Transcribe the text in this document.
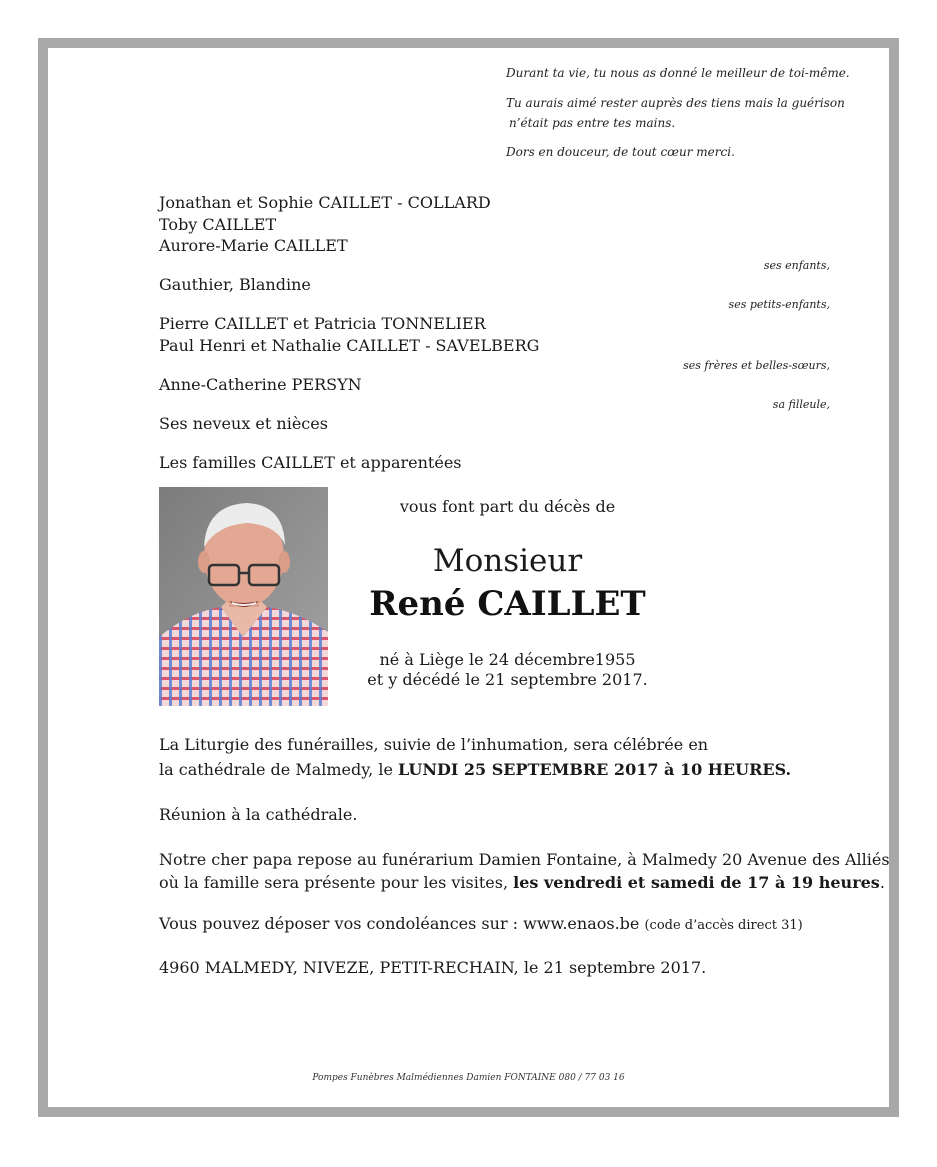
Durant ta vie, tu nous as donné le meilleur de toi-même.
Tu aurais aimé rester auprès des tiens mais la guérison
n’était pas entre tes mains.
Dors en douceur, de tout cœur merci.
Jonathan et Sophie CAILLET - COLLARD
Toby CAILLET
Aurore-Marie CAILLET
ses enfants,
Gauthier, Blandine
ses petits-enfants,
Pierre CAILLET et Patricia TONNELIER
Paul Henri et Nathalie CAILLET - SAVELBERG
ses frères et belles-sœurs,
Anne-Catherine PERSYN
sa filleule,
Ses neveux et nièces
Les familles CAILLET et apparentées
vous font part du décès de
Monsieur
René CAILLET
né à Liège le 24 décembre1955
et y décédé le 21 septembre 2017.
La Liturgie des funérailles, suivie de l’inhumation, sera célébrée en
la cathédrale de Malmedy, le LUNDI 25 SEPTEMBRE 2017 à 10 HEURES.
Réunion à la cathédrale.
Notre cher papa repose au funérarium Damien Fontaine, à Malmedy 20 Avenue des Alliés
où la famille sera présente pour les visites, les vendredi et samedi de 17 à 19 heures.
Vous pouvez déposer vos condoléances sur : www.enaos.be (code d’accès direct 31)
4960 MALMEDY, NIVEZE, PETIT-RECHAIN, le 21 septembre 2017.
Pompes Funèbres Malmédiennes Damien FONTAINE 080 / 77 03 16
